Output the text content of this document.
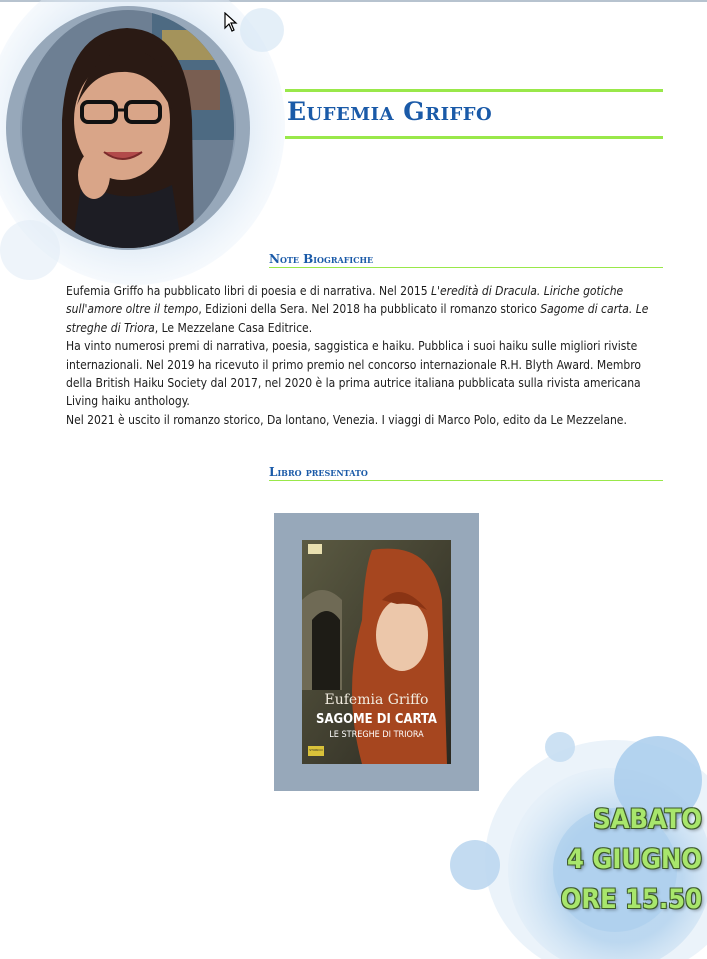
Eufemia Griffo
Note Biografiche

Eufemia Griffo ha pubblicato libri di poesia e di narrativa. Nel 2015 L'eredità di Dracula. Liriche gotiche sull'amore oltre il tempo, Edizioni della Sera. Nel 2018 ha pubblicato il romanzo storico Sagome di carta. Le streghe di Triora, Le Mezzelane Casa Editrice.

Ha vinto numerosi premi di narrativa, poesia, saggistica e haiku. Pubblica i suoi haiku sulle migliori riviste internazionali. Nel 2019 ha ricevuto il primo premio nel concorso internazionale R.H. Blyth Award. Membro della British Haiku Society dal 2017, nel 2020 è la prima autrice italiana pubblicata sulla rivista americana Living haiku anthology.

Nel 2021 è uscito il romanzo storico, Da lontano, Venezia. I viaggi di Marco Polo, edito da Le Mezzelane.

Libro presentato
Eufemia Griffo
SAGOME DI CARTA
LE STREGHE DI TRIORA
STORICO
SABATO
4 GIUGNO
ORE 15.50
